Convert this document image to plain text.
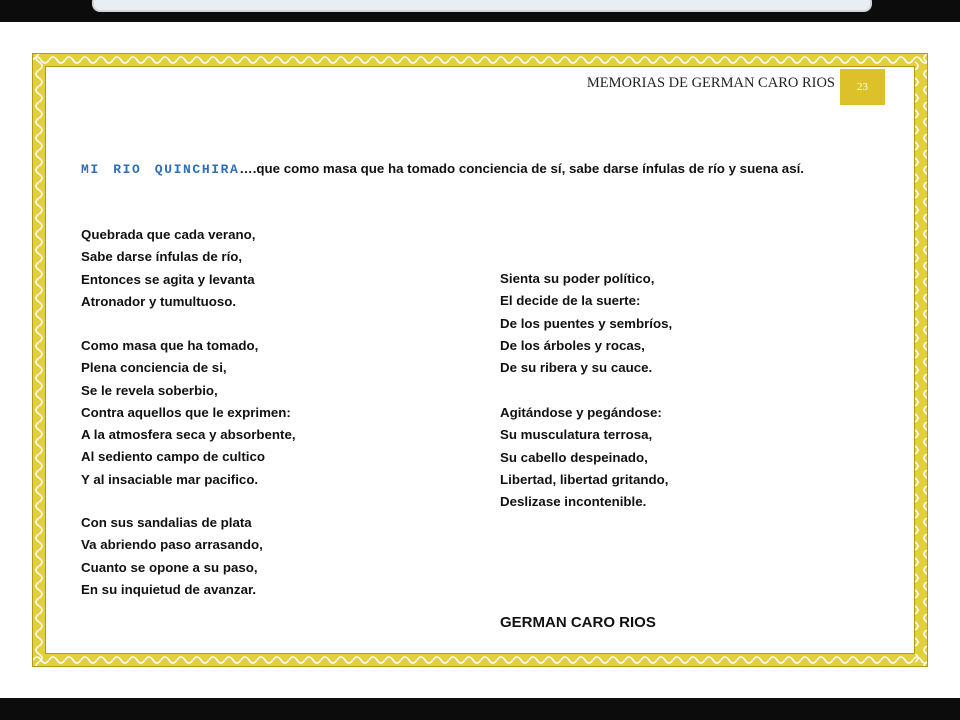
MEMORIAS DE GERMAN CARO RIOS	23
MI RIO QUINCHIRA….que como masa que ha tomado conciencia de sí, sabe darse ínfulas de río y suena así.
Quebrada que cada verano,
Sabe darse ínfulas de río,
Entonces se agita y levanta
Atronador y tumultuoso.
Como masa que ha tomado,
Plena conciencia de si,
Se le revela soberbio,
Contra aquellos que le exprimen:
A la atmosfera seca y absorbente,
Al sediento campo de cultico
Y al insaciable mar pacifico.
Con sus sandalias de plata
Va abriendo paso arrasando,
Cuanto se opone a su paso,
En su inquietud de avanzar.
Sienta su poder político,
El decide de la suerte:
De los puentes y sembríos,
De los árboles y rocas,
De su ribera y su cauce.
Agitándose y pegándose:
Su musculatura terrosa,
Su cabello despeinado,
Libertad, libertad gritando,
Deslizase incontenible.
GERMAN CARO RIOS
